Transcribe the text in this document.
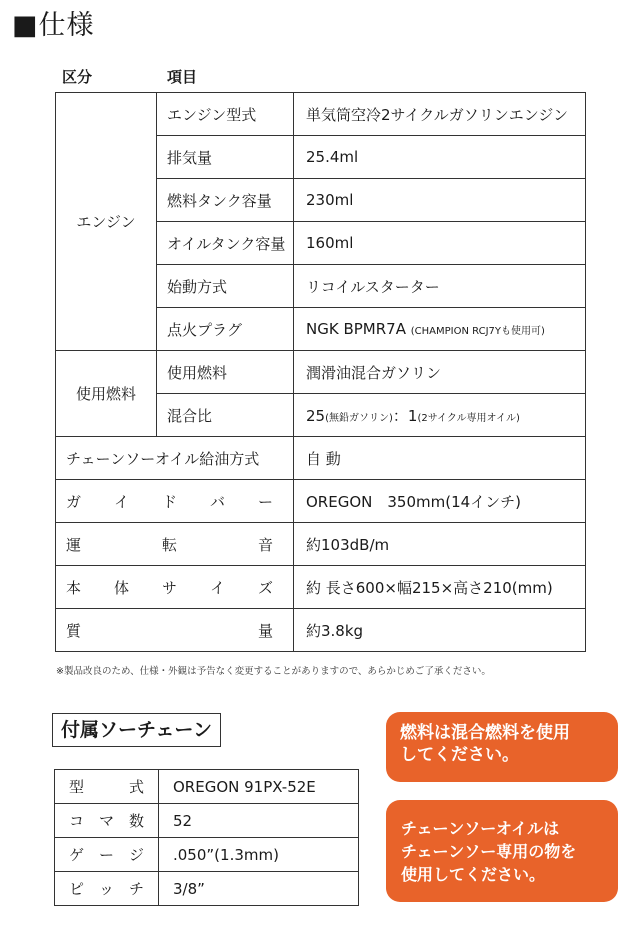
■仕様
区分	項目
エンジン	エンジン型式	単気筒空冷2サイクルガソリンエンジン
	排気量	25.4ml
	燃料タンク容量	230ml
	オイルタンク容量	160ml
	始動方式	リコイルスターター
	点火プラグ	NGK BPMR7A (CHAMPION RCJ7Yも使用可)
使用燃料	使用燃料	潤滑油混合ガソリン
	混合比	25(無鉛ガソリン)：1(2サイクル専用オイル)
チェーンソーオイル給油方式		自 動

ガ イ ド バ ー		OREGON　350mm(14インチ)

運 転 音		約103dB/m

本 体 サ イ ズ		約 長さ600×幅215×高さ210(mm)

質 量		約3.8kg
※製品改良のため、仕様・外観は予告なく変更することがありますので、あらかじめご了承ください。
付属ソーチェーン
型 式	OREGON 91PX-52E

コ マ 数	52

ゲ ー ジ	.050”(1.3mm)

ピ ッ チ	3/8”
燃料は混合燃料を使用
してください。
チェーンソーオイルは
チェーンソー専用の物を
使用してください。
